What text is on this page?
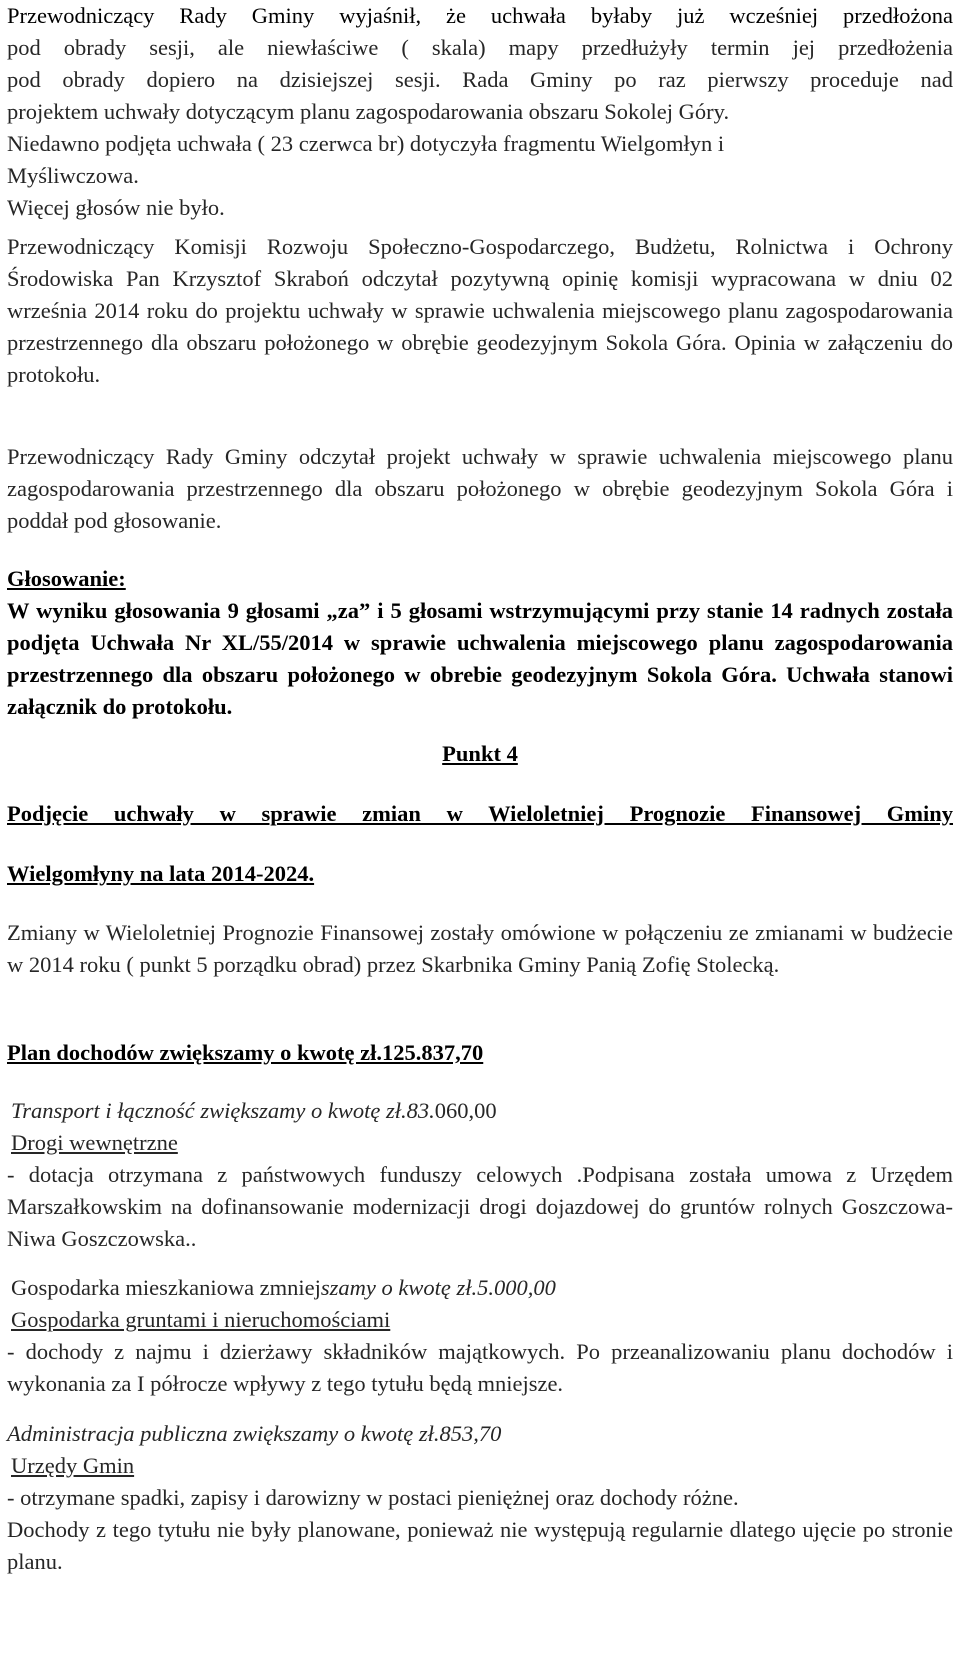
Przewodniczący Rady Gminy wyjaśnił, że uchwała byłaby już wcześniej przedłożona
pod obrady sesji, ale niewłaściwe ( skala) mapy przedłużyły termin jej przedłożenia
pod obrady dopiero na dzisiejszej sesji. Rada Gminy po raz pierwszy proceduje nad
projektem uchwały dotyczącym planu zagospodarowania obszaru Sokolej Góry.
Niedawno podjęta uchwała ( 23 czerwca br) dotyczyła fragmentu Wielgomłyn i
Myśliwczowa.
Więcej głosów nie było.
Przewodniczący Komisji Rozwoju Społeczno-Gospodarczego, Budżetu, Rolnictwa i Ochrony Środowiska Pan Krzysztof Skraboń odczytał pozytywną opinię komisji wypracowana w dniu 02 września 2014 roku do projektu uchwały w sprawie uchwalenia miejscowego planu zagospodarowania przestrzennego dla obszaru położonego w obrębie geodezyjnym Sokola Góra. Opinia w załączeniu do protokołu.
Przewodniczący Rady Gminy odczytał projekt uchwały w sprawie uchwalenia miejscowego planu zagospodarowania przestrzennego dla obszaru położonego w obrębie geodezyjnym Sokola Góra i poddał pod głosowanie.
Głosowanie:
W wyniku głosowania 9 głosami „za” i 5 głosami wstrzymującymi przy stanie 14 radnych została podjęta Uchwała Nr XL/55/2014 w sprawie uchwalenia miejscowego planu zagospodarowania przestrzennego dla obszaru położonego w obrebie geodezyjnym Sokola Góra. Uchwała stanowi załącznik do protokołu.
Punkt 4
Podjęcie uchwały w sprawie zmian w Wieloletniej Prognozie Finansowej Gminy
Wielgomłyny na lata 2014-2024.
Zmiany w Wieloletniej Prognozie Finansowej zostały omówione w połączeniu ze zmianami w budżecie w 2014 roku ( punkt 5 porządku obrad) przez Skarbnika Gminy Panią Zofię Stolecką.
Plan dochodów zwiększamy o kwotę zł.125.837,70
Transport i łączność zwiększamy o kwotę zł.83.060,00
Drogi wewnętrzne
- dotacja otrzymana z państwowych funduszy celowych .Podpisana została umowa z Urzędem Marszałkowskim na dofinansowanie modernizacji drogi dojazdowej do gruntów rolnych Goszczowa-Niwa Goszczowska..
Gospodarka mieszkaniowa zmniejszamy o kwotę zł.5.000,00
Gospodarka gruntami i nieruchomościami
- dochody z najmu i dzierżawy składników majątkowych. Po przeanalizowaniu planu dochodów i wykonania za I półrocze wpływy z tego tytułu będą mniejsze.
Administracja publiczna zwiększamy o kwotę zł.853,70
Urzędy Gmin
- otrzymane spadki, zapisy i darowizny w postaci pieniężnej oraz dochody różne.
Dochody z tego tytułu nie były planowane, ponieważ nie występują regularnie dlatego ujęcie po stronie planu.
